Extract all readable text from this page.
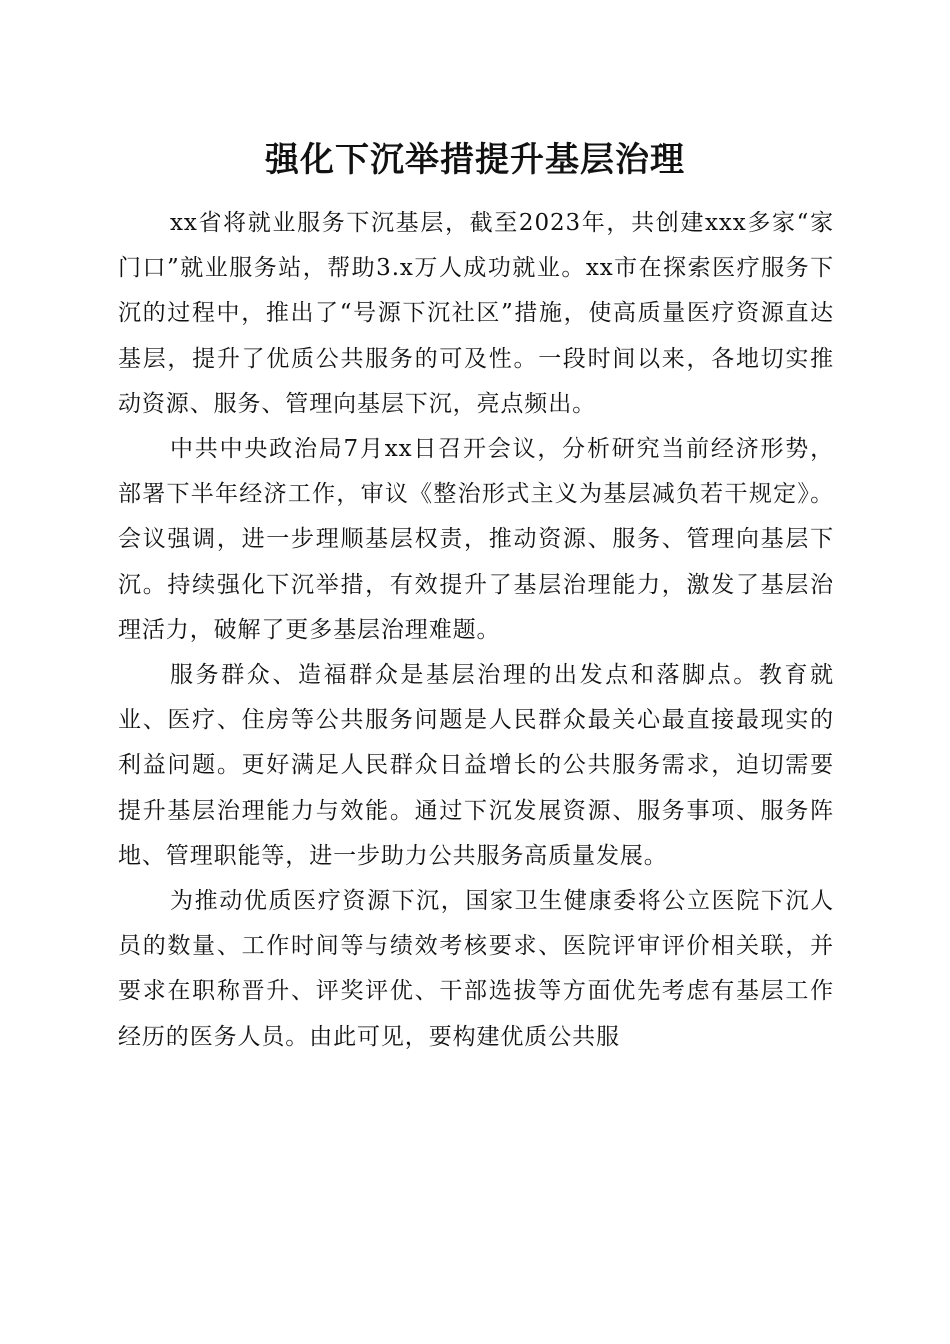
强化下沉举措提升基层治理

xx省将就业服务下沉基层，截至2023年，共创建xxx多家“家门口”就业服务站，帮助3.x万人成功就业。xx市在探索医疗服务下沉的过程中，推出了“号源下沉社区”措施，使高质量医疗资源直达基层，提升了优质公共服务的可及性。一段时间以来，各地切实推动资源、服务、管理向基层下沉，亮点频出。

中共中央政治局7月xx日召开会议，分析研究当前经济形势，部署下半年经济工作，审议《整治形式主义为基层减负若干规定》。会议强调，进一步理顺基层权责，推动资源、服务、管理向基层下沉。持续强化下沉举措，有效提升了基层治理能力，激发了基层治理活力，破解了更多基层治理难题。

服务群众、造福群众是基层治理的出发点和落脚点。教育就业、医疗、住房等公共服务问题是人民群众最关心最直接最现实的利益问题。更好满足人民群众日益增长的公共服务需求，迫切需要提升基层治理能力与效能。通过下沉发展资源、服务事项、服务阵地、管理职能等，进一步助力公共服务高质量发展。

为推动优质医疗资源下沉，国家卫生健康委将公立医院下沉人员的数量、工作时间等与绩效考核要求、医院评审评价相关联，并要求在职称晋升、评奖评优、干部选拔等方面优先考虑有基层工作经历的医务人员。由此可见，要构建优质公共服
